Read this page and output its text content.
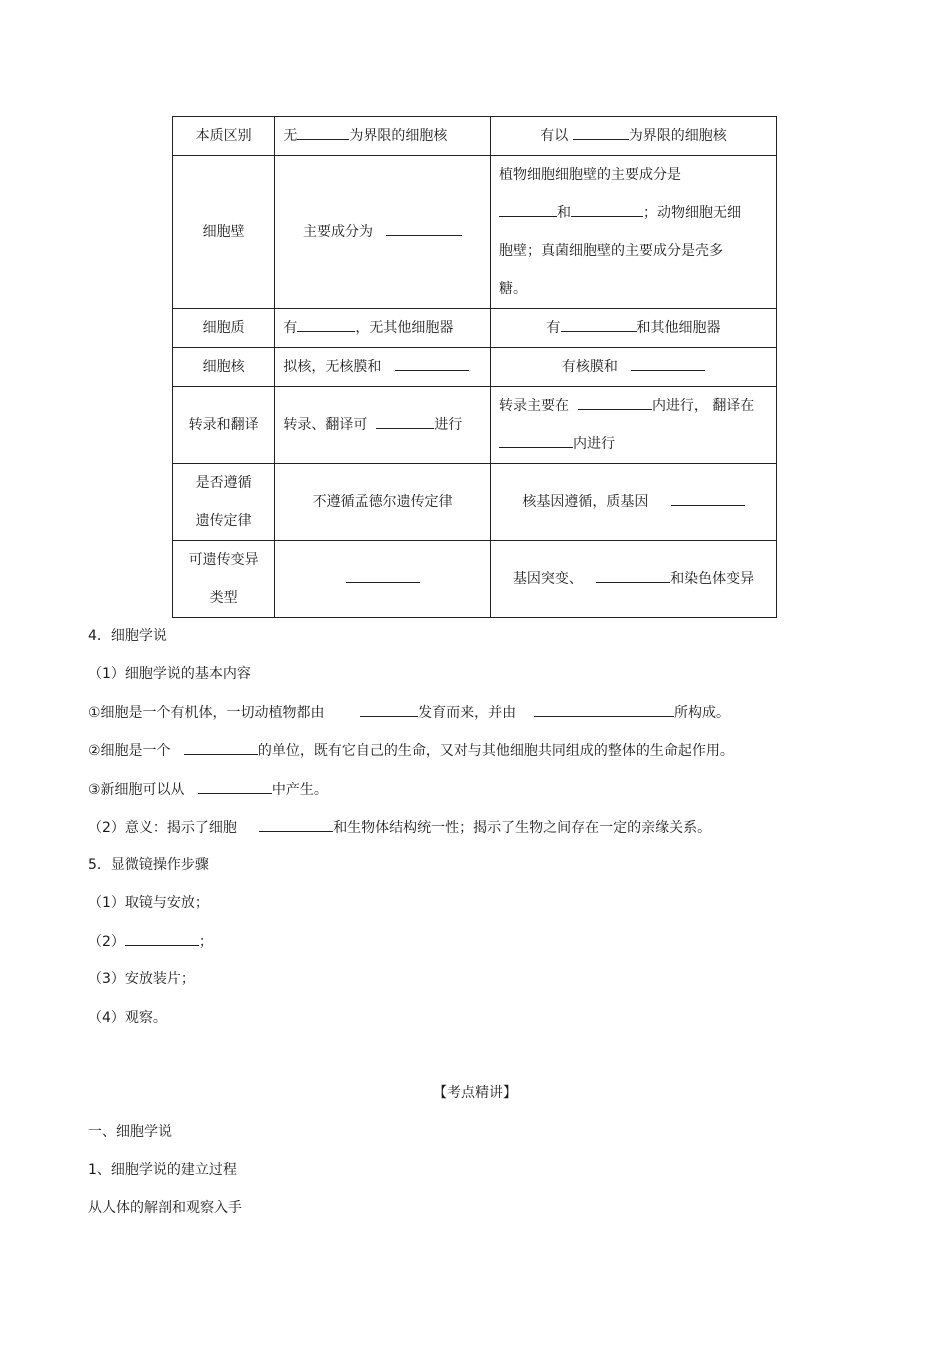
本质区别	无 为界限的细胞核	有以 为界限的细胞核
细胞壁	主要成分为	植物细胞细胞壁的主要成分是
和 ；动物细胞无细
胞壁；真菌细胞壁的主要成分是壳多
糖。

细胞质	有 ，无其他细胞器	有 和其他细胞器
细胞核	拟核，无核膜和	有核膜和
转录和翻译	转录、翻译可 进行	转录主要在 内进行， 翻译在
内进行

是否遵循
遗传定律	不遵循孟德尔遗传定律	核基因遵循，质基因

可遗传变异
类型		基因突变、 和染色体变异
4．细胞学说
（1）细胞学说的基本内容
①细胞是一个有机体，一切动植物都由	发育而来，并由	所构成。
②细胞是一个	的单位，既有它自己的生命，又对与其他细胞共同组成的整体的生命起作用。
③新细胞可以从	中产生。
（2）意义：揭示了细胞	和生物体结构统一性；揭示了生物之间存在一定的亲缘关系。
5．显微镜操作步骤
（1）取镜与安放；
（2）	；
（3）安放装片；
（4）观察。
【考点精讲】
一、细胞学说
1、细胞学说的建立过程
从人体的解剖和观察入手
